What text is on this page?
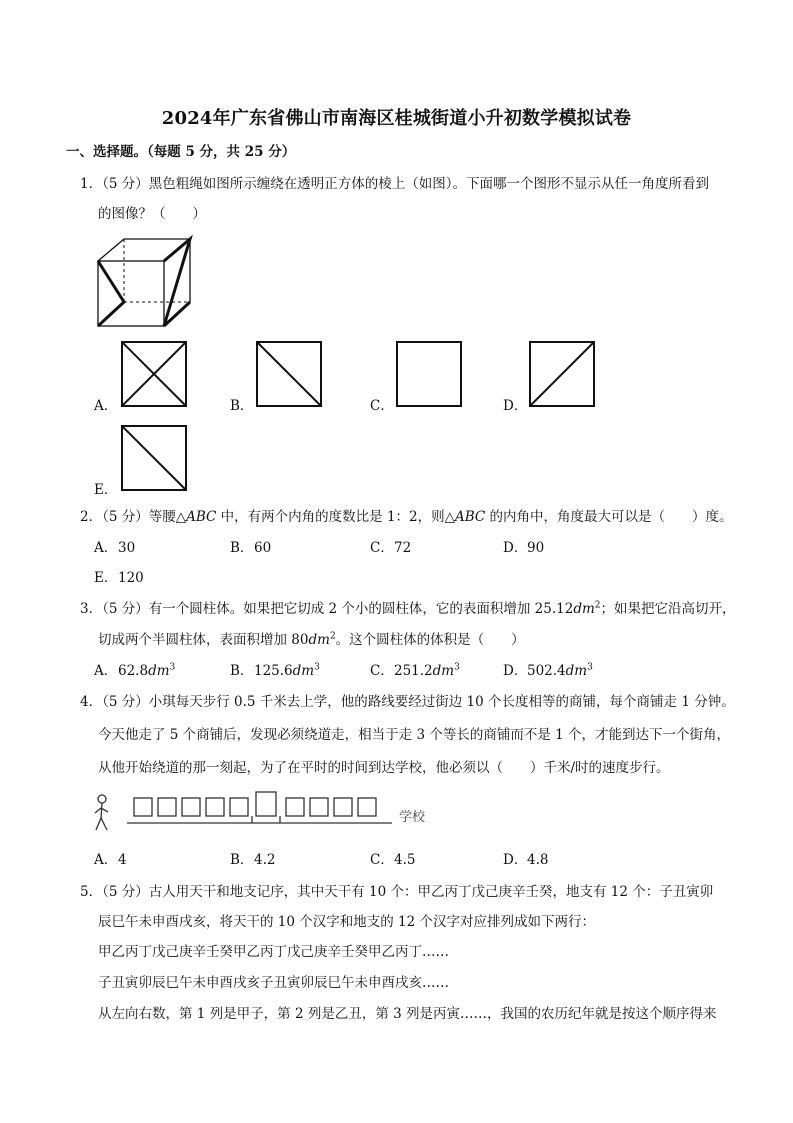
2024年广东省佛山市南海区桂城街道小升初数学模拟试卷
一、选择题。（每题 5 分，共 25 分）
1．（5 分）黑色粗绳如图所示缠绕在透明正方体的棱上（如图）。下面哪一个图形不显示从任一角度所看到
的图像？（　　）
A．	B．	C．	D．
E．
2．（5 分）等腰△ABC 中，有两个内角的度数比是 1：2，则△ABC 的内角中，角度最大可以是（　　）度。
A．30	B．60	C．72	D．90
E．120
3．（5 分）有一个圆柱体。如果把它切成 2 个小的圆柱体，它的表面积增加 $25.12dm^2$；如果把它沿高切开，
切成两个半圆柱体，表面积增加 $80dm^2$。这个圆柱体的体积是（　　）
A．$62.8dm^3$	B．$125.6dm^3$	C．$251.2dm^3$	D．$502.4dm^3$
4．（5 分）小琪每天步行 0.5 千米去上学，他的路线要经过街边 10 个长度相等的商铺，每个商铺走 1 分钟。
今天他走了 5 个商铺后，发现必须绕道走，相当于走 3 个等长的商铺而不是 1 个，才能到达下一个街角，
从他开始绕道的那一刻起，为了在平时的时间到达学校，他必须以（　　）千米/时的速度步行。
学校
A．4	B．4.2	C．4.5	D．4.8
5．（5 分）古人用天干和地支记序，其中天干有 10 个：甲乙丙丁戊己庚辛壬癸，地支有 12 个：子丑寅卯
辰巳午未申酉戌亥，将天干的 10 个汉字和地支的 12 个汉字对应排列成如下两行：
甲乙丙丁戊己庚辛壬癸甲乙丙丁戊己庚辛壬癸甲乙丙丁……
子丑寅卯辰巳午未申酉戌亥子丑寅卯辰巳午未申酉戌亥……
从左向右数，第 1 列是甲子，第 2 列是乙丑，第 3 列是丙寅……，我国的农历纪年就是按这个顺序得来
